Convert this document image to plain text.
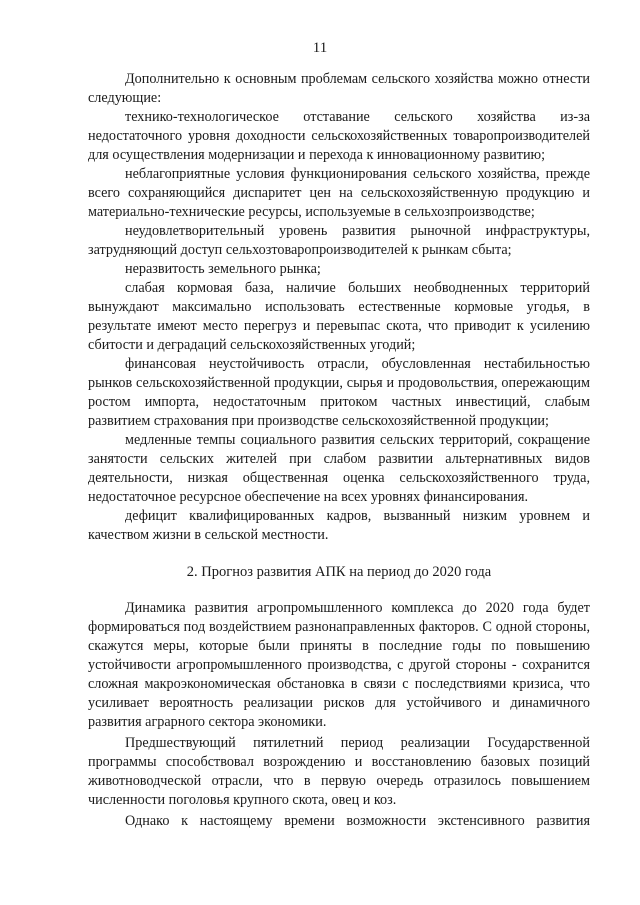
11

Дополнительно к основным проблемам сельского хозяйства можно отнести следующие:

технико-технологическое отставание сельского хозяйства из-за недостаточного уровня доходности сельскохозяйственных товаропроизводителей для осуществления модернизации и перехода к инновационному развитию;

неблагоприятные условия функционирования сельского хозяйства, прежде всего сохраняющийся диспаритет цен на сельскохозяйственную продукцию и материально-технические ресурсы, используемые в сельхозпроизводстве;

неудовлетворительный уровень развития рыночной инфраструктуры, затрудняющий доступ сельхозтоваропроизводителей к рынкам сбыта;

неразвитость земельного рынка;

слабая кормовая база, наличие больших необводненных территорий вынуждают максимально использовать естественные кормовые угодья, в результате имеют место перегруз и перевыпас скота, что приводит к усилению сбитости и деградаций сельскохозяйственных угодий;

финансовая неустойчивость отрасли, обусловленная нестабильностью рынков сельскохозяйственной продукции, сырья и продовольствия, опережающим ростом импорта, недостаточным притоком частных инвестиций, слабым развитием страхования при производстве сельскохозяйственной продукции;

медленные темпы социального развития сельских территорий, сокращение занятости сельских жителей при слабом развитии альтернативных видов деятельности, низкая общественная оценка сельскохозяйственного труда, недостаточное ресурсное обеспечение на всех уровнях финансирования.

дефицит квалифицированных кадров, вызванный низким уровнем и качеством жизни в сельской местности.

2. Прогноз развития АПК на период до 2020 года

Динамика развития агропромышленного комплекса до 2020 года будет формироваться под воздействием разнонаправленных факторов. С одной стороны, скажутся меры, которые были приняты в последние годы по повышению устойчивости агропромышленного производства, с другой стороны - сохранится сложная макроэкономическая обстановка в связи с последствиями кризиса, что усиливает вероятность реализации рисков для устойчивого и динамичного развития аграрного сектора экономики.

Предшествующий пятилетний период реализации Государственной программы способствовал возрождению и восстановлению базовых позиций животноводческой отрасли, что в первую очередь отразилось повышением численности поголовья крупного скота, овец и коз.

Однако к настоящему времени возможности экстенсивного развития
